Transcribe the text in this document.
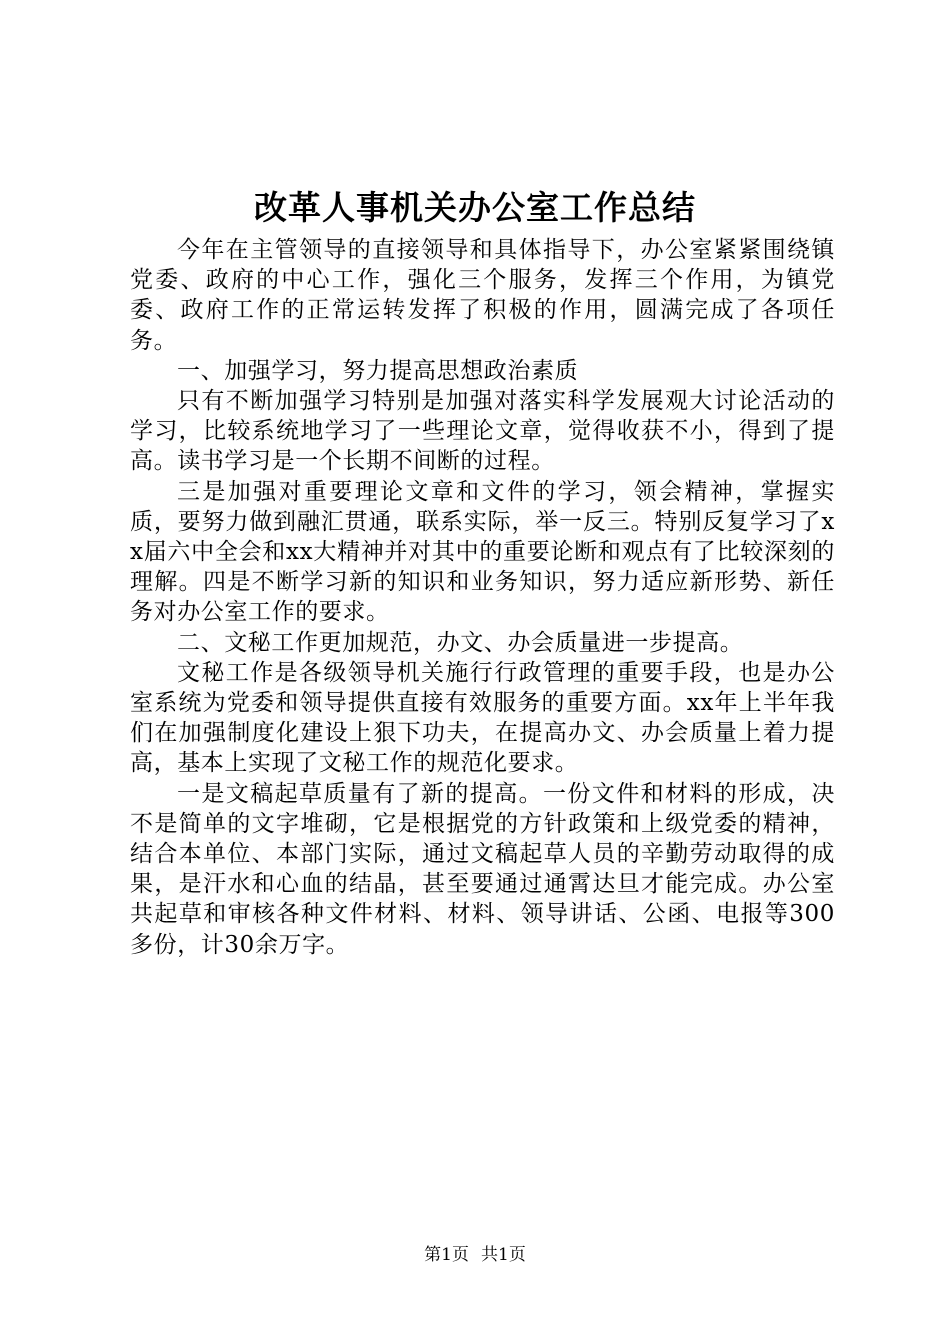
改革人事机关办公室工作总结

今年在主管领导的直接领导和具体指导下，办公室紧紧围绕镇党委、政府的中心工作，强化三个服务，发挥三个作用，为镇党委、政府工作的正常运转发挥了积极的作用，圆满完成了各项任务。

一、加强学习，努力提高思想政治素质

只有不断加强学习特别是加强对落实科学发展观大讨论活动的学习，比较系统地学习了一些理论文章，觉得收获不小，得到了提高。读书学习是一个长期不间断的过程。

三是加强对重要理论文章和文件的学习，领会精神，掌握实质，要努力做到融汇贯通，联系实际，举一反三。特别反复学习了xx届六中全会和xx大精神并对其中的重要论断和观点有了比较深刻的理解。四是不断学习新的知识和业务知识，努力适应新形势、新任务对办公室工作的要求。

二、文秘工作更加规范，办文、办会质量进一步提高。

文秘工作是各级领导机关施行行政管理的重要手段，也是办公室系统为党委和领导提供直接有效服务的重要方面。xx年上半年我们在加强制度化建设上狠下功夫，在提高办文、办会质量上着力提高，基本上实现了文秘工作的规范化要求。

一是文稿起草质量有了新的提高。一份文件和材料的形成，决不是简单的文字堆砌，它是根据党的方针政策和上级党委的精神，结合本单位、本部门实际，通过文稿起草人员的辛勤劳动取得的成果，是汗水和心血的结晶，甚至要通过通霄达旦才能完成。办公室共起草和审核各种文件材料、材料、领导讲话、公函、电报等300多份，计30余万字。

第1页 共1页
